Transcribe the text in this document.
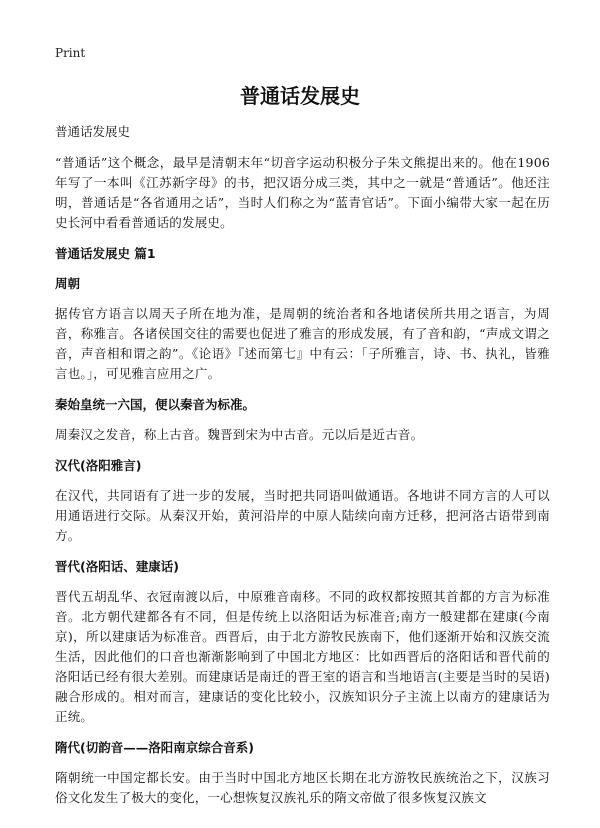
Print
普通话发展史

普通话发展史

“普通话”这个概念，最早是清朝末年“切音字运动积极分子朱文熊提出来的。他在1906年写了一本叫《江苏新字母》的书，把汉语分成三类，其中之一就是“普通话”。他还注明，普通话是“各省通用之话”，当时人们称之为“蓝青官话”。下面小编带大家一起在历史长河中看看普通话的发展史。

普通话发展史 篇1
周朝

据传官方语言以周天子所在地为准，是周朝的统治者和各地诸侯所共用之语言，为周音，称雅言。各诸侯国交往的需要也促进了雅言的形成发展，有了音和韵，“声成文谓之音，声音相和谓之韵”。《论语》『述而第七』中有云：「子所雅言，诗、书、执礼，皆雅言也。」，可见雅言应用之广。

秦始皇统一六国，便以秦音为标准。

周秦汉之发音，称上古音。魏晋到宋为中古音。元以后是近古音。

汉代(洛阳雅言)

在汉代，共同语有了进一步的发展，当时把共同语叫做通语。各地讲不同方言的人可以用通语进行交际。从秦汉开始，黄河沿岸的中原人陆续向南方迁移，把河洛古语带到南方。

晋代(洛阳话、建康话)

晋代五胡乱华、衣冠南渡以后，中原雅音南移。不同的政权都按照其首都的方言为标准音。北方朝代建都各有不同，但是传统上以洛阳话为标准音;南方一般建都在建康(今南京)，所以建康话为标准音。西晋后，由于北方游牧民族南下，他们逐渐开始和汉族交流生活，因此他们的口音也渐渐影响到了中国北方地区：比如西晋后的洛阳话和晋代前的洛阳话已经有很大差别。而建康话是南迁的晋王室的语言和当地语言(主要是当时的吴语)融合形成的。相对而言，建康话的变化比较小，汉族知识分子主流上以南方的建康话为正统。

隋代(切韵音——洛阳南京综合音系)

隋朝统一中国定都长安。由于当时中国北方地区长期在北方游牧民族统治之下，汉族习俗文化发生了极大的变化，一心想恢复汉族礼乐的隋文帝做了很多恢复汉族文
